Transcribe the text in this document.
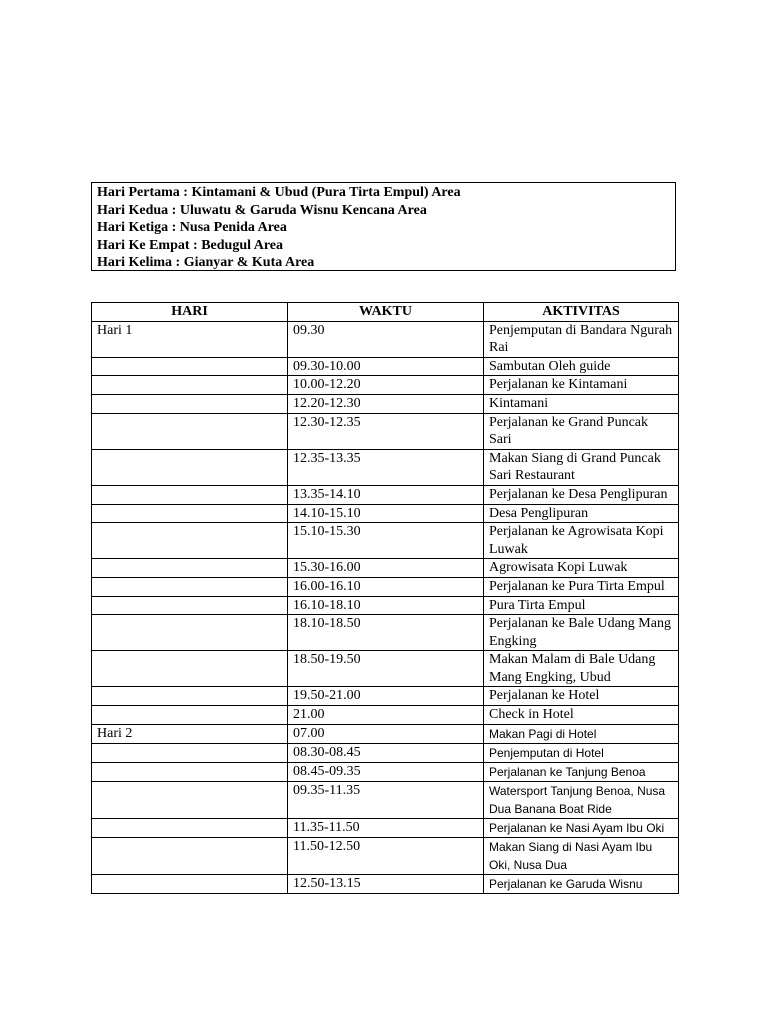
Hari Pertama : Kintamani & Ubud (Pura Tirta Empul) Area
Hari Kedua : Uluwatu & Garuda Wisnu Kencana Area
Hari Ketiga : Nusa Penida Area
Hari Ke Empat : Bedugul Area
Hari Kelima : Gianyar & Kuta Area
HARI	WAKTU	AKTIVITAS
Hari 1	09.30	Penjemputan di Bandara Ngurah Rai
	09.30-10.00	Sambutan Oleh guide
	10.00-12.20	Perjalanan ke Kintamani
	12.20-12.30	Kintamani
	12.30-12.35	Perjalanan ke Grand Puncak Sari
	12.35-13.35	Makan Siang di Grand Puncak Sari Restaurant
	13.35-14.10	Perjalanan ke Desa Penglipuran
	14.10-15.10	Desa Penglipuran
	15.10-15.30	Perjalanan ke Agrowisata Kopi Luwak
	15.30-16.00	Agrowisata Kopi Luwak
	16.00-16.10	Perjalanan ke Pura Tirta Empul
	16.10-18.10	Pura Tirta Empul
	18.10-18.50	Perjalanan ke Bale Udang Mang Engking
	18.50-19.50	Makan Malam di Bale Udang Mang Engking, Ubud
	19.50-21.00	Perjalanan ke Hotel
	21.00	Check in Hotel
Hari 2	07.00	Makan Pagi di Hotel
	08.30-08.45	Penjemputan di Hotel
	08.45-09.35	Perjalanan ke Tanjung Benoa
	09.35-11.35	Watersport Tanjung Benoa, Nusa Dua Banana Boat Ride
	11.35-11.50	Perjalanan ke Nasi Ayam Ibu Oki
	11.50-12.50	Makan Siang di Nasi Ayam Ibu Oki, Nusa Dua
	12.50-13.15	Perjalanan ke Garuda Wisnu
